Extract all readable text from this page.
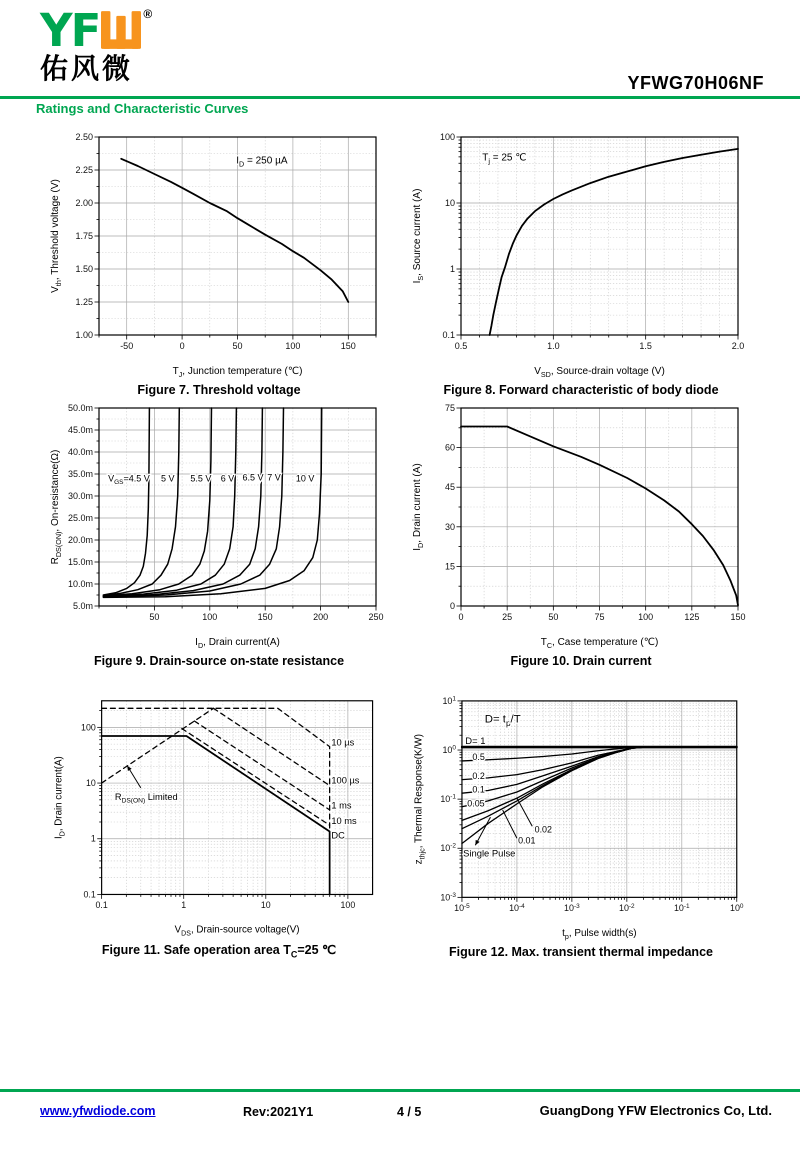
YF	®
佑风微	YFWG70H06NF
Ratings and Characteristic Curves
-50	0	50	100	150
1.00
1.25
1.50
1.75
2.00
2.25
2.50
$T_J$, Junction temperature (℃)
$V_{th}$, Threshold voltage (V)
$I_D = 250$ µA
Figure 7. Threshold voltage
0.5	1.0	1.5	2.0
0.1
1
10
100
$V_{SD}$, Source-drain voltage (V)
$I_S$, Source current (A)
$T_j = 25$ ℃
Figure 8. Forward characteristic of body diode
50	100	150	200	250
5.0m
10.0m
15.0m
20.0m
25.0m
30.0m
35.0m
40.0m
45.0m
50.0m
$I_D$, Drain current(A)
$R_{DS(ON)}$, On-resistance(Ω)	$V_{GS}=4.5$ V 5 V 5.5 V 6 V 6.5 V 7 V 10 V
Figure 9. Drain-source on-state resistance
0	25	50	75	100	125	150
0
15
30
45
60
75
$T_C$, Case temperature (℃)
$I_D$, Drain current (A)
Figure 10. Drain current
0.1	1	10	100
0.1
1
10
100
$V_{DS}$, Drain-source voltage(V)
$I_D$, Drain current(A)
10 µs
100 µs
1 ms
10 ms
DC
$R_{DS(ON)}$ Limited
Figure 11. Safe operation area $T_C=25$ ℃
$10^{-5}$	$10^{-4}$	$10^{-3}$	$10^{-2}$	$10^{-1}$	$10^0$
$10^{-3}$
$10^{-2}$
$10^{-1}$
$10^0$
$10^1$
$t_p$, Pulse width(s)
$z_{thjc}$, Thermal Response(K/W)
$D= t_p/T$
D= 1
0.5
0.2
0.1
0.05
0.02
0.01
Single Pulse
Figure 12. Max. transient thermal impedance
www.yfwdiode.com	Rev:2021Y1	4 / 5	GuangDong YFW Electronics Co, Ltd.
